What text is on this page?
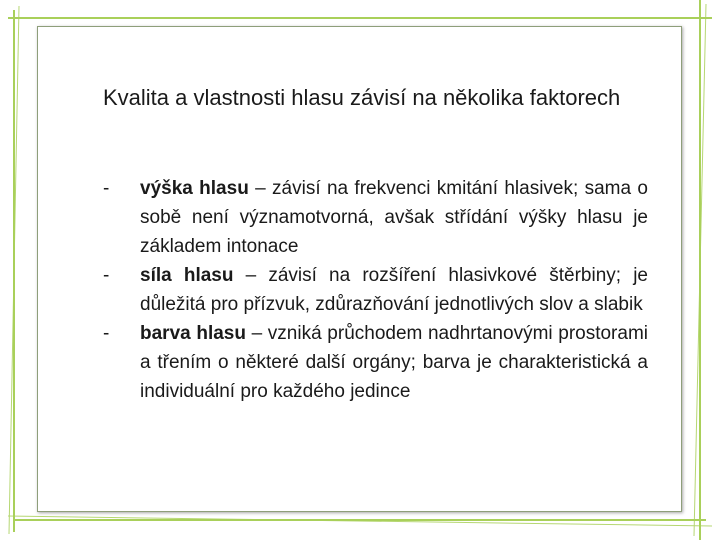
Kvalita a vlastnosti hlasu závisí na několika faktorech
-	výška hlasu – závisí na frekvenci kmitání hlasivek; sama o sobě není významotvorná, avšak střídání výšky hlasu je základem intonace
-	síla hlasu – závisí na rozšíření hlasivkové štěrbiny; je důležitá pro přízvuk, zdůrazňování jednotlivých slov a slabik
-	barva hlasu – vzniká průchodem nadhrtanovými prostorami a třením o některé další orgány; barva je charakteristická a individuální pro každého jedince
